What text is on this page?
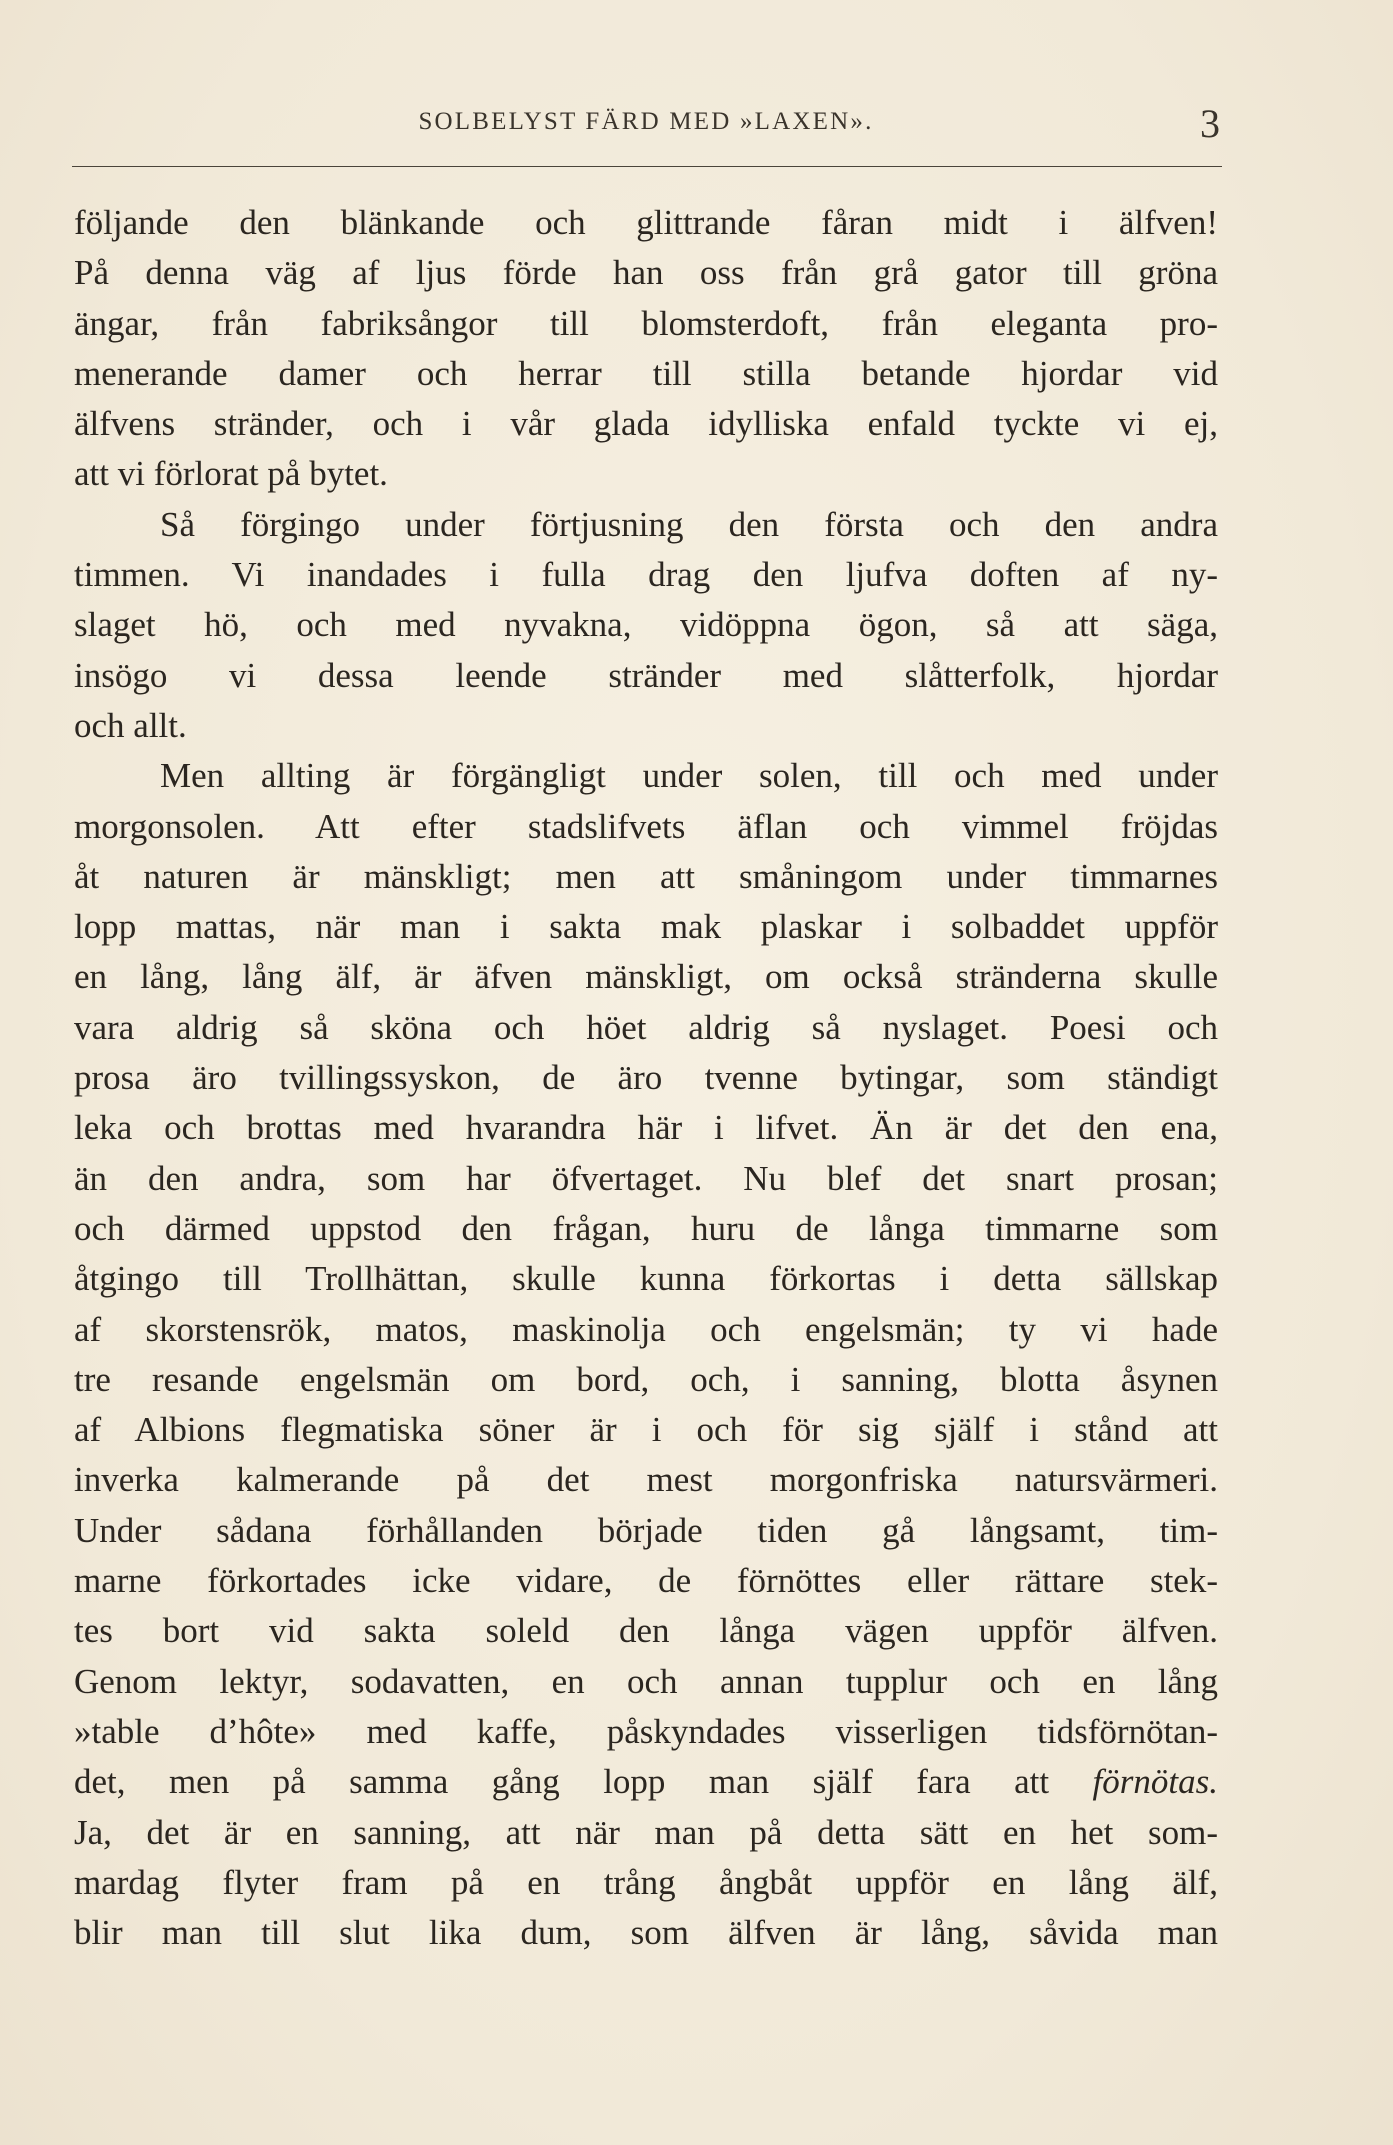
SOLBELYST FÄRD MED »LAXEN».	3
följande den blänkande och glittrande fåran midt i älfven!
På denna väg af ljus förde han oss från grå gator till gröna
ängar, från fabriksångor till blomsterdoft, från eleganta pro-
menerande damer och herrar till stilla betande hjordar vid
älfvens stränder, och i vår glada idylliska enfald tyckte vi ej,
att vi förlorat på bytet.
Så förgingo under förtjusning den första och den andra
timmen. Vi inandades i fulla drag den ljufva doften af ny-
slaget hö, och med nyvakna, vidöppna ögon, så att säga,
insögo vi dessa leende stränder med slåtterfolk, hjordar
och allt.
Men allting är förgängligt under solen, till och med under
morgonsolen. Att efter stadslifvets äflan och vimmel fröjdas
åt naturen är mänskligt; men att småningom under timmarnes
lopp mattas, när man i sakta mak plaskar i solbaddet uppför
en lång, lång älf, är äfven mänskligt, om också stränderna skulle
vara aldrig så sköna och höet aldrig så nyslaget. Poesi och
prosa äro tvillingssyskon, de äro tvenne bytingar, som ständigt
leka och brottas med hvarandra här i lifvet. Än är det den ena,
än den andra, som har öfvertaget. Nu blef det snart prosan;
och därmed uppstod den frågan, huru de långa timmarne som
åtgingo till Trollhättan, skulle kunna förkortas i detta sällskap
af skorstensrök, matos, maskinolja och engelsmän; ty vi hade
tre resande engelsmän om bord, och, i sanning, blotta åsynen
af Albions flegmatiska söner är i och för sig själf i stånd att
inverka kalmerande på det mest morgonfriska natursvärmeri.
Under sådana förhållanden började tiden gå långsamt, tim-
marne förkortades icke vidare, de förnöttes eller rättare stek-
tes bort vid sakta soleld den långa vägen uppför älfven.
Genom lektyr, sodavatten, en och annan tupplur och en lång
»table d’hôte» med kaffe, påskyndades visserligen tidsförnötan-
det, men på samma gång lopp man själf fara att förnötas.
Ja, det är en sanning, att när man på detta sätt en het som-
mardag flyter fram på en trång ångbåt uppför en lång älf,
blir man till slut lika dum, som älfven är lång, såvida man
